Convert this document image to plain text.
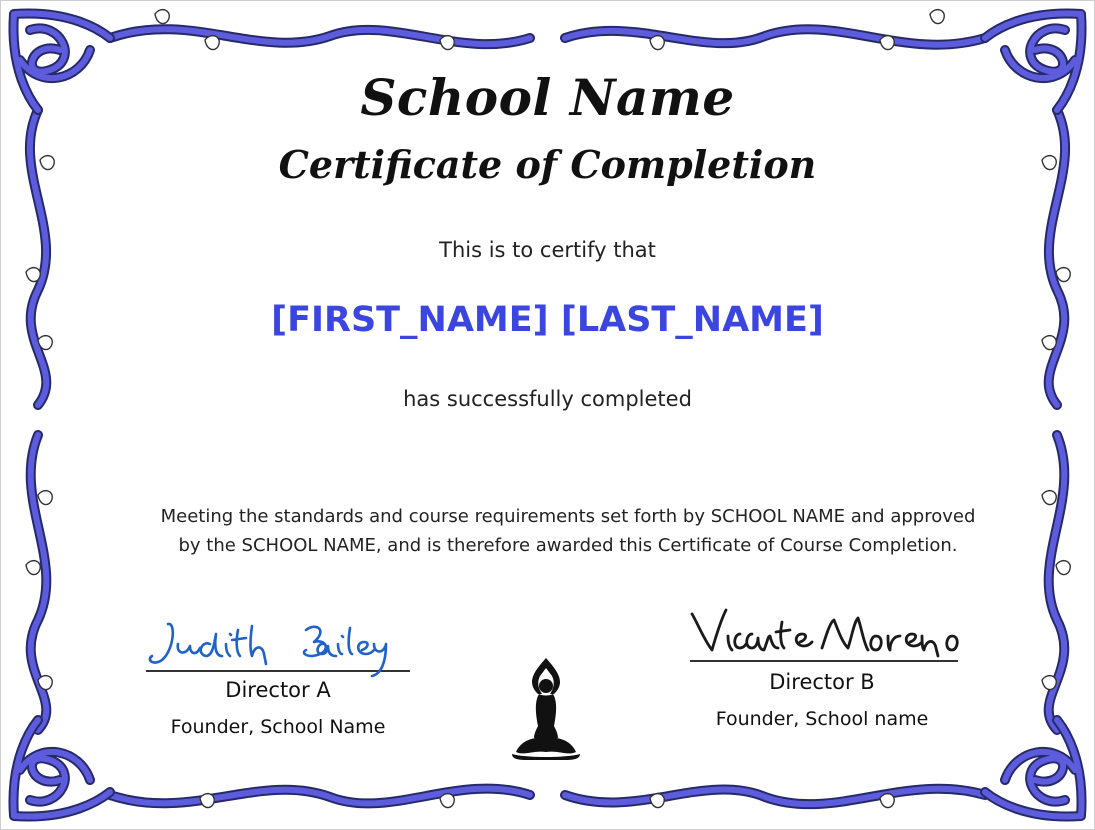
School Name
Certificate of Completion

This is to certify that

[FIRST_NAME] [LAST_NAME]

has successfully completed

Meeting the standards and course requirements set forth by SCHOOL NAME and approved by the SCHOOL NAME, and is therefore awarded this Certificate of Course Completion.

Director A
Founder, School Name
Director B
Founder, School name
